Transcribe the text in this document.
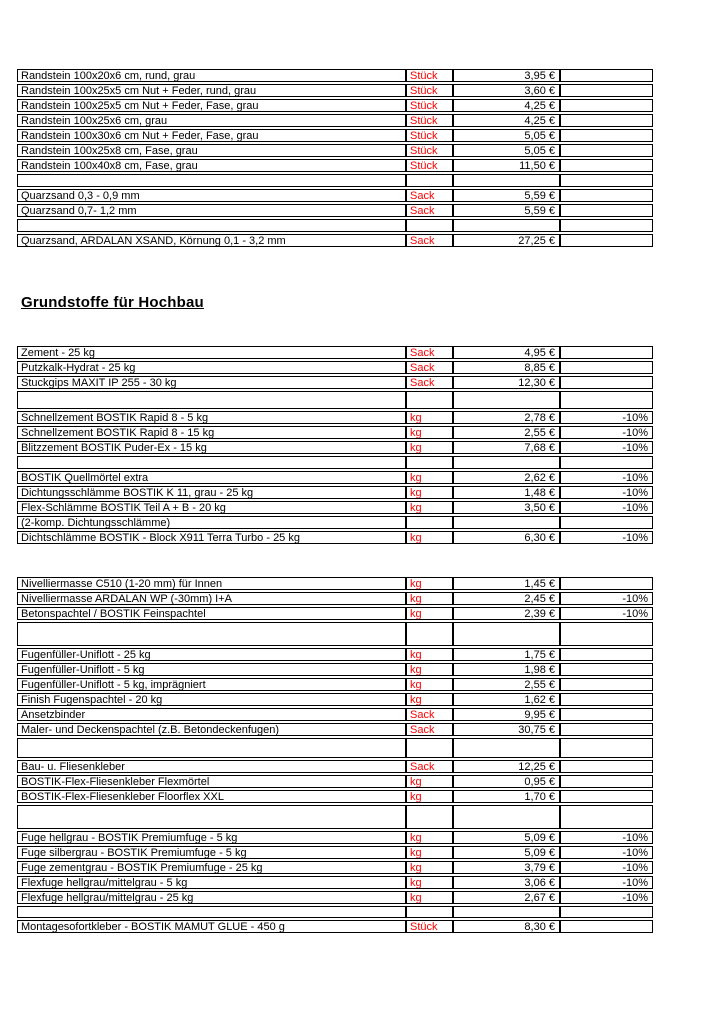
Randstein 100x20x6 cm, rund, grau	Stück	3,95 €
Randstein 100x25x5 cm Nut + Feder, rund, grau	Stück	3,60 €
Randstein 100x25x5 cm Nut + Feder, Fase, grau	Stück	4,25 €
Randstein 100x25x6 cm, grau	Stück	4,25 €
Randstein 100x30x6 cm Nut + Feder, Fase, grau	Stück	5,05 €
Randstein 100x25x8 cm, Fase, grau	Stück	5,05 €
Randstein 100x40x8 cm, Fase, grau	Stück	11,50 €
Quarzsand 0,3 - 0,9 mm	Sack	5,59 €
Quarzsand 0,7- 1,2 mm	Sack	5,59 €
Quarzsand, ARDALAN XSAND, Körnung 0,1 - 3,2 mm	Sack	27,25 €
Grundstoffe für Hochbau
Zement - 25 kg	Sack	4,95 €
Putzkalk-Hydrat - 25 kg	Sack	8,85 €
Stuckgips MAXIT IP 255 - 30 kg	Sack	12,30 €
Schnellzement BOSTIK Rapid 8 - 5 kg	kg	2,78 €	-10%
Schnellzement BOSTIK Rapid 8 - 15 kg	kg	2,55 €	-10%
Blitzzement BOSTIK Puder-Ex - 15 kg	kg	7,68 €	-10%
BOSTIK Quellmörtel extra	kg	2,62 €	-10%
Dichtungsschlämme BOSTIK K 11, grau - 25 kg	kg	1,48 €	-10%
Flex-Schlämme BOSTIK Teil A + B - 20 kg	kg	3,50 €	-10%
(2-komp. Dichtungsschlämme)
Dichtschlämme BOSTIK - Block X911 Terra Turbo - 25 kg	kg	6,30 €	-10%
Nivelliermasse C510 (1-20 mm) für Innen	kg	1,45 €
Nivelliermasse ARDALAN WP (-30mm) I+A	kg	2,45 €	-10%
Betonspachtel / BOSTIK Feinspachtel	kg	2,39 €	-10%
Fugenfüller-Uniflott - 25 kg	kg	1,75 €
Fugenfüller-Uniflott - 5 kg	kg	1,98 €
Fugenfüller-Uniflott - 5 kg, imprägniert	kg	2,55 €
Finish Fugenspachtel - 20 kg	kg	1,62 €
Ansetzbinder	Sack	9,95 €
Maler- und Deckenspachtel (z.B. Betondeckenfugen)	Sack	30,75 €
Bau- u. Fliesenkleber	Sack	12,25 €
BOSTIK-Flex-Fliesenkleber Flexmörtel	kg	0,95 €
BOSTIK-Flex-Fliesenkleber Floorflex XXL	kg	1,70 €
Fuge hellgrau - BOSTIK Premiumfuge - 5 kg	kg	5,09 €	-10%
Fuge silbergrau - BOSTIK Premiumfuge - 5 kg	kg	5,09 €	-10%
Fuge zementgrau - BOSTIK Premiumfuge - 25 kg	kg	3,79 €	-10%
Flexfuge hellgrau/mittelgrau - 5 kg	kg	3,06 €	-10%
Flexfuge hellgrau/mittelgrau - 25 kg	kg	2,67 €	-10%
Montagesofortkleber - BOSTIK MAMUT GLUE - 450 g	Stück	8,30 €
